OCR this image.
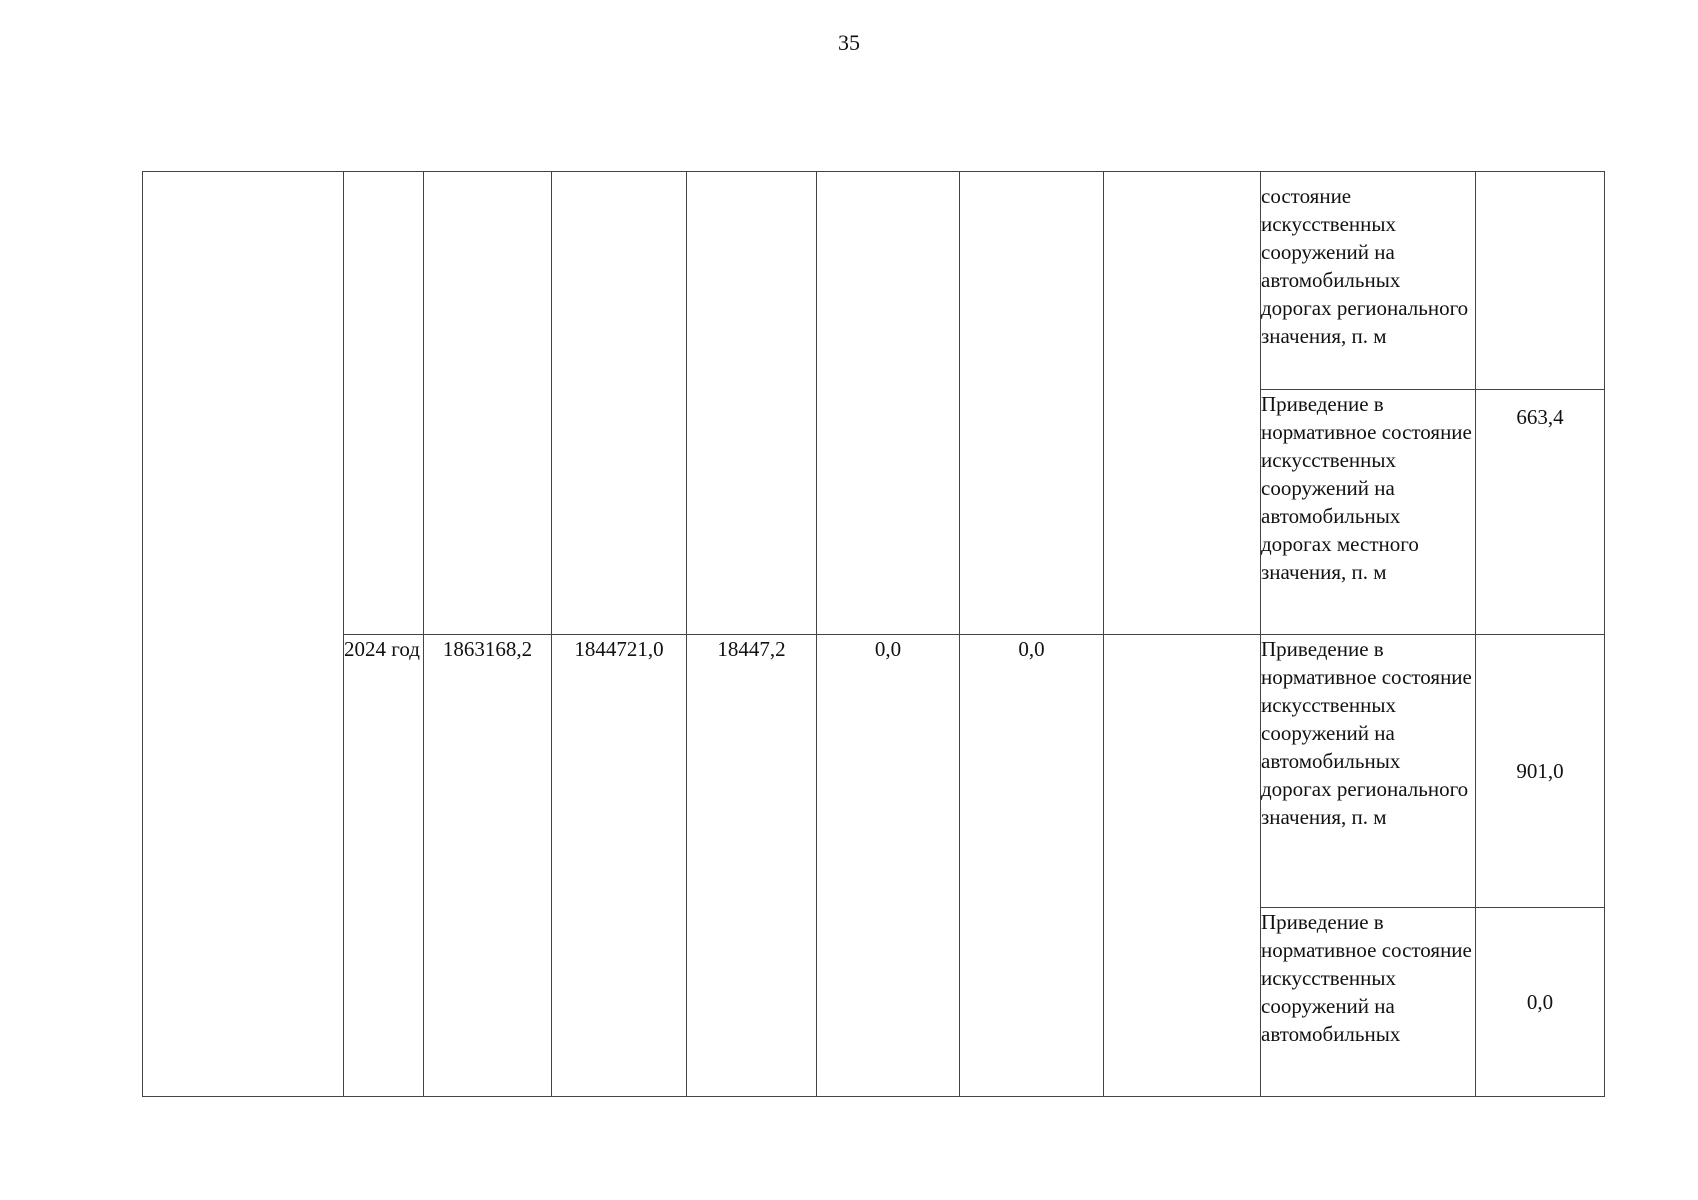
35
								состояние искусственных сооружений на автомобильных дорогах регионального значения, п. м	
								Приведение в нормативное состояние искусственных сооружений на автомобильных дорогах местного значения, п. м	663,4
	2024 год	1863168,2	1844721,0	18447,2	0,0	0,0		Приведение в нормативное состояние искусственных сооружений на автомобильных дорогах регионального значения, п. м	901,0
								Приведение в нормативное состояние искусственных сооружений на автомобильных	0,0
